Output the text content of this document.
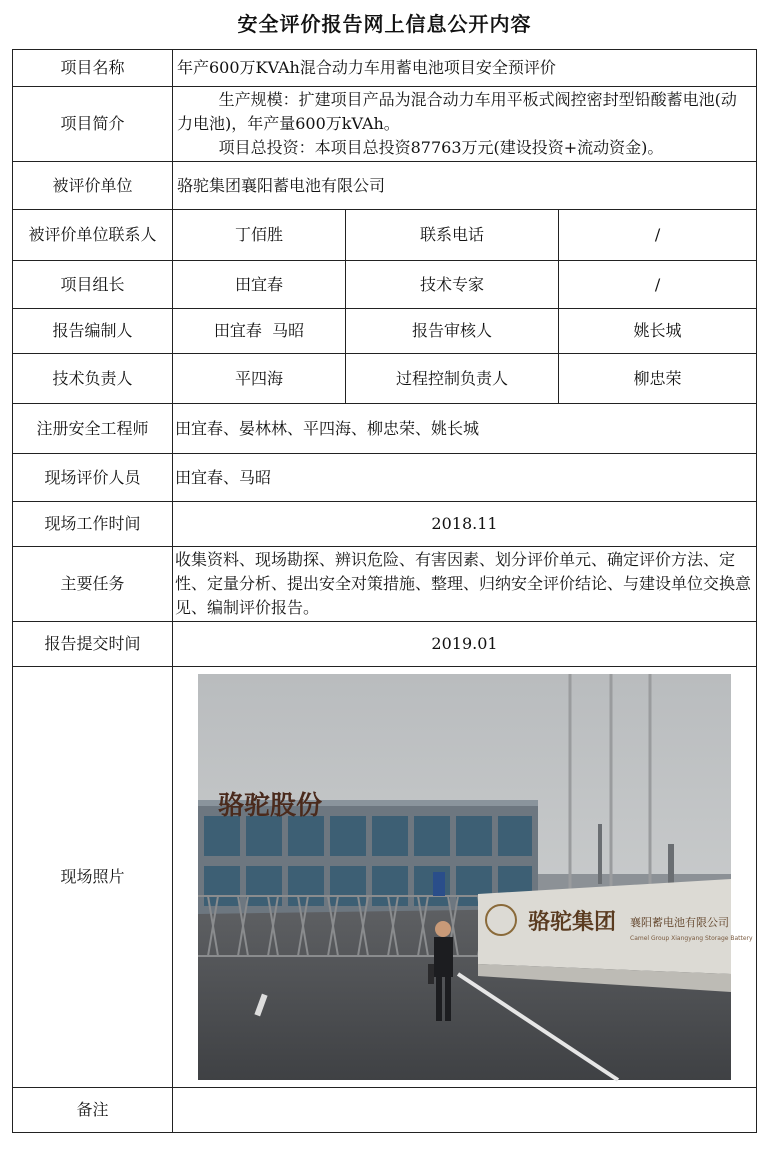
安全评价报告网上信息公开内容
项目名称	年产600万KVAh混合动力车用蓄电池项目安全预评价		
项目简介	生产规模：扩建项目产品为混合动力车用平板式阀控密封型铅酸蓄电池(动力电池)，年产量600万kVAh。
项目总投资：本项目总投资87763万元(建设投资+流动资金)。		

被评价单位	骆驼集团襄阳蓄电池有限公司		
被评价单位联系人	丁佰胜	联系电话	/
项目组长	田宜春	技术专家	/
报告编制人	田宜春  马昭	报告审核人	姚长城
技术负责人	平四海	过程控制负责人	柳忠荣
注册安全工程师	田宜春、晏林林、平四海、柳忠荣、姚长城		
现场评价人员	田宜春、马昭		
现场工作时间	2018.11		
主要任务	收集资料、现场勘探、辨识危险、有害因素、划分评价单元、确定评价方法、定性、定量分析、提出安全对策措施、整理、归纳安全评价结论、与建设单位交换意见、编制评价报告。		
报告提交时间	2019.01		
现场照片	骆驼股份
骆驼集团 襄阳蓄电池有限公司
Camel Group Xiangyang Storage Battery		

备注			
